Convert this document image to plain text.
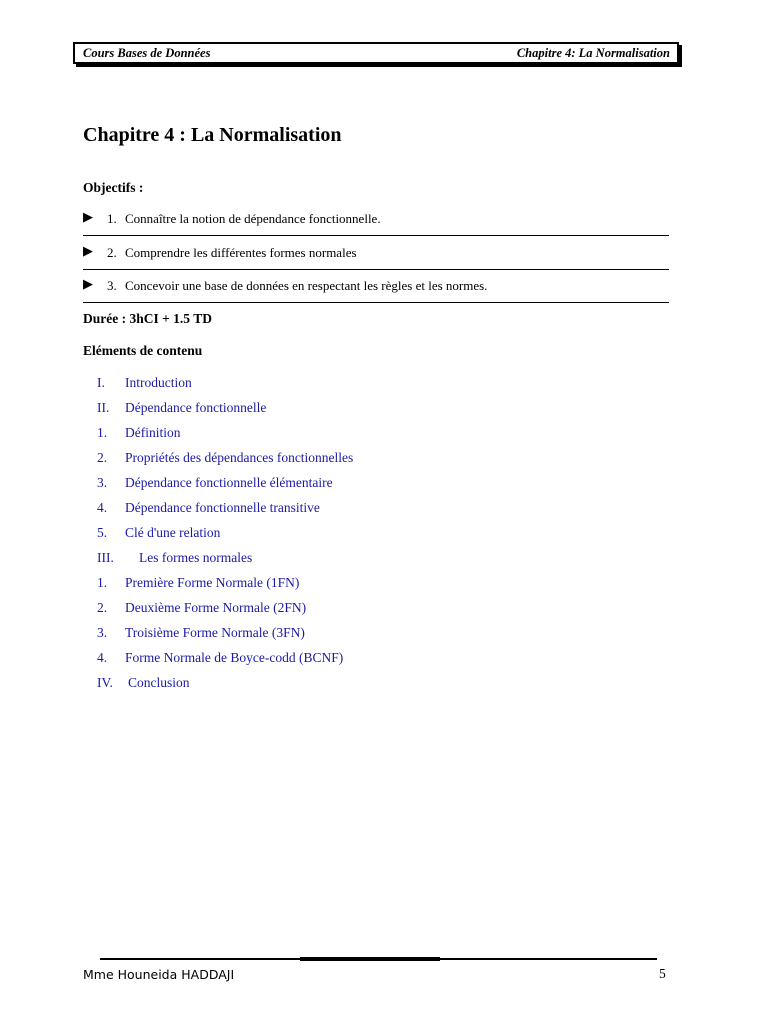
Cours Bases de Données	Chapitre 4: La Normalisation
Chapitre 4 : La Normalisation
Objectifs :
▶	1. Connaître la notion de dépendance fonctionnelle.
▶	2. Comprendre les différentes formes normales
▶	3. Concevoir une base de données en respectant les règles et les normes.
Durée : 3hCI + 1.5 TD
Eléments de contenu
I. Introduction
II. Dépendance fonctionnelle
1. Définition
2. Propriétés des dépendances fonctionnelles
3. Dépendance fonctionnelle élémentaire
4. Dépendance fonctionnelle transitive
5. Clé d'une relation
III. Les formes normales
1. Première Forme Normale (1FN)
2. Deuxième Forme Normale (2FN)
3. Troisième Forme Normale (3FN)
4. Forme Normale de Boyce-codd (BCNF)
IV. Conclusion
Mme Houneida HADDAJI	5
